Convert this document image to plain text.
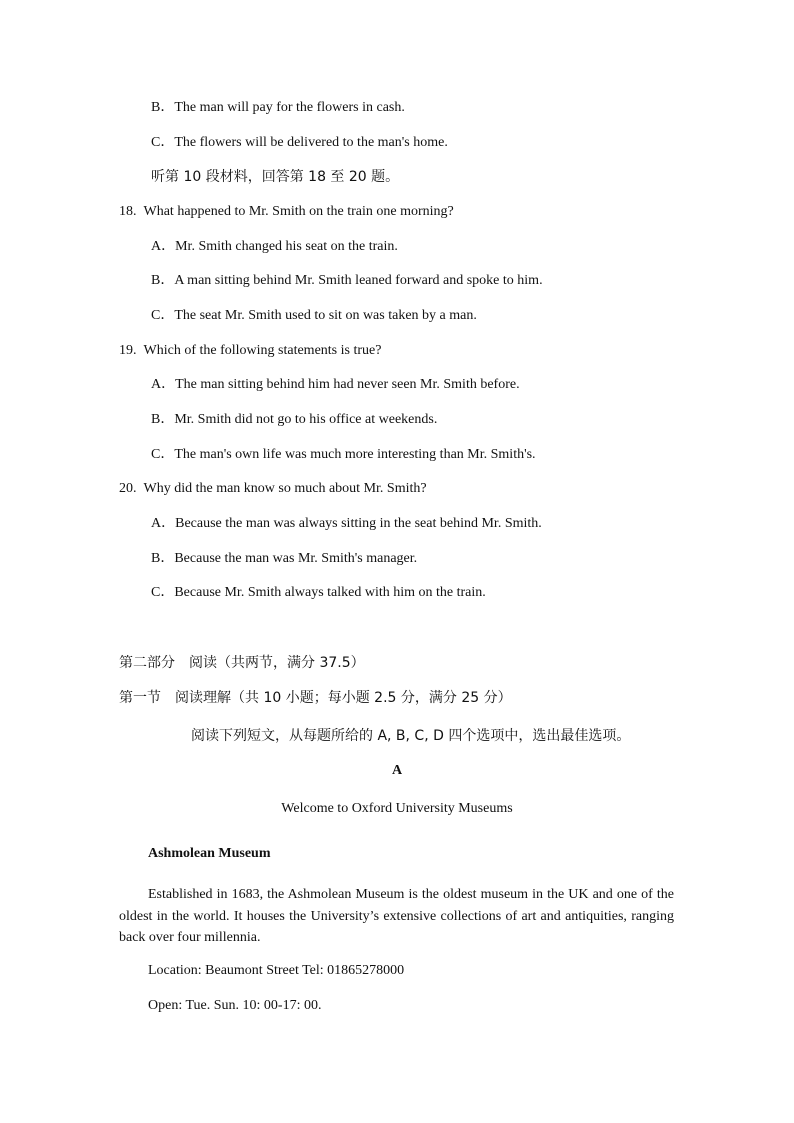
B．The man will pay for the flowers in cash.
C．The flowers will be delivered to the man's home.
听第 10 段材料，回答第 18 至 20 题。
18. What happened to Mr. Smith on the train one morning?
A．Mr. Smith changed his seat on the train.
B．A man sitting behind Mr. Smith leaned forward and spoke to him.
C．The seat Mr. Smith used to sit on was taken by a man.
19. Which of the following statements is true?
A．The man sitting behind him had never seen Mr. Smith before.
B．Mr. Smith did not go to his office at weekends.
C．The man's own life was much more interesting than Mr. Smith's.
20. Why did the man know so much about Mr. Smith?
A．Because the man was always sitting in the seat behind Mr. Smith.
B．Because the man was Mr. Smith's manager.
C．Because Mr. Smith always talked with him on the train.
第二部分　阅读（共两节，满分 37.5）
第一节　阅读理解（共 10 小题；每小题 2.5 分，满分 25 分）
阅读下列短文，从每题所给的 A, B, C, D 四个选项中，选出最佳选项。
A
Welcome to Oxford University Museums
Ashmolean Museum
Established in 1683, the Ashmolean Museum is the oldest museum in the UK and one of the oldest in the world. It houses the University’s extensive collections of art and antiquities, ranging back over four millennia.
Location: Beaumont Street Tel: 01865278000
Open: Tue. Sun. 10: 00-17: 00.
